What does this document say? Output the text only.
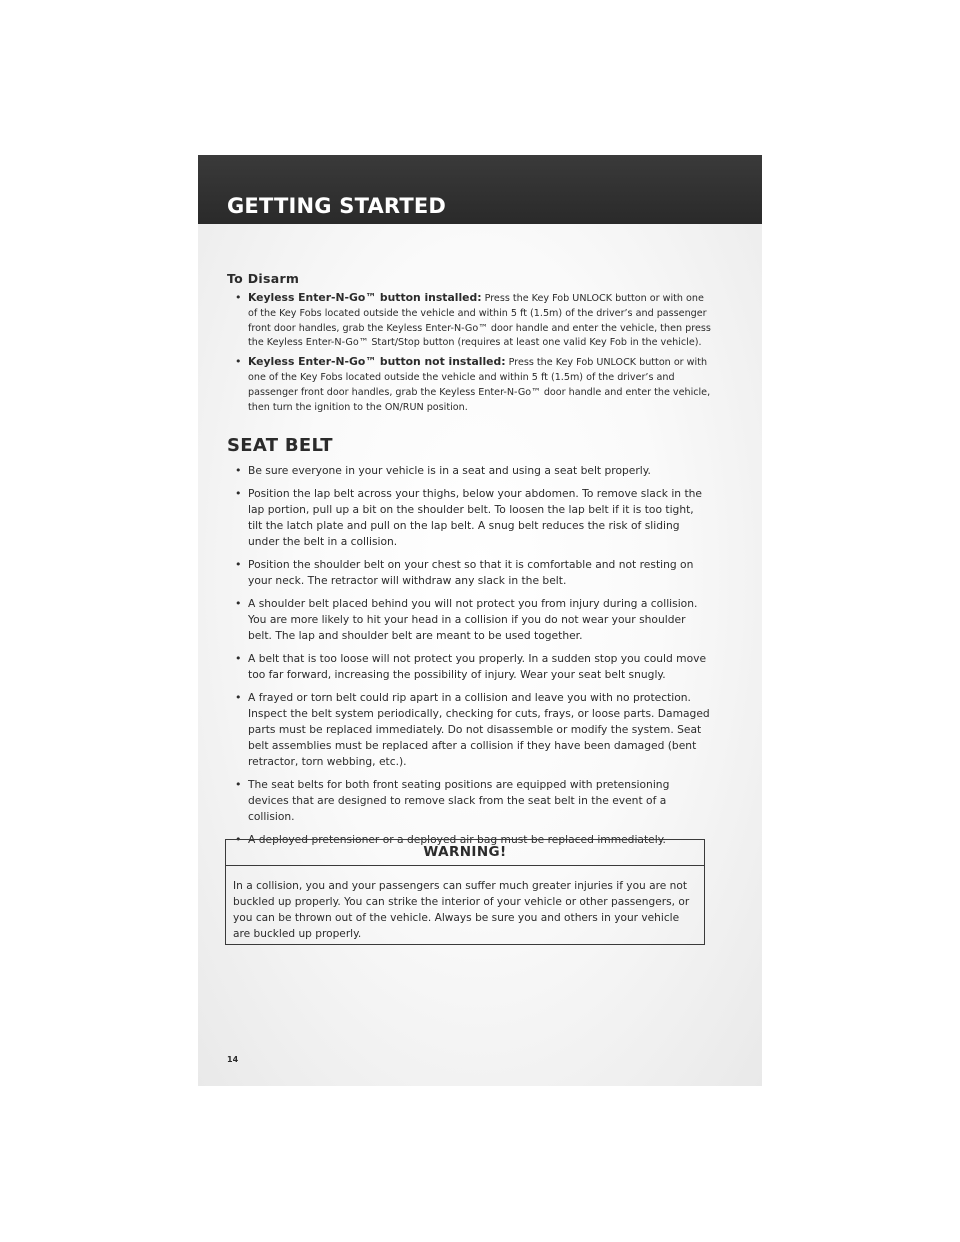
GETTING STARTED
To Disarm
• Keyless Enter-N-Go™ button installed: Press the Key Fob UNLOCK button or with one of the Key Fobs located outside the vehicle and within 5 ft (1.5m) of the driver’s and passenger front door handles, grab the Keyless Enter-N-Go™ door handle and enter the vehicle, then press the Keyless Enter-N-Go™ Start/Stop button (requires at least one valid Key Fob in the vehicle).
• Keyless Enter-N-Go™ button not installed: Press the Key Fob UNLOCK button or with one of the Key Fobs located outside the vehicle and within 5 ft (1.5m) of the driver’s and passenger front door handles, grab the Keyless Enter-N-Go™ door handle and enter the vehicle, then turn the ignition to the ON/RUN position.
SEAT BELT
• Be sure everyone in your vehicle is in a seat and using a seat belt properly.
• Position the lap belt across your thighs, below your abdomen. To remove slack in the lap portion, pull up a bit on the shoulder belt. To loosen the lap belt if it is too tight, tilt the latch plate and pull on the lap belt. A snug belt reduces the risk of sliding under the belt in a collision.
• Position the shoulder belt on your chest so that it is comfortable and not resting on your neck. The retractor will withdraw any slack in the belt.
• A shoulder belt placed behind you will not protect you from injury during a collision. You are more likely to hit your head in a collision if you do not wear your shoulder belt. The lap and shoulder belt are meant to be used together.
• A belt that is too loose will not protect you properly. In a sudden stop you could move too far forward, increasing the possibility of injury. Wear your seat belt snugly.
• A frayed or torn belt could rip apart in a collision and leave you with no protection. Inspect the belt system periodically, checking for cuts, frays, or loose parts. Damaged parts must be replaced immediately. Do not disassemble or modify the system. Seat belt assemblies must be replaced after a collision if they have been damaged (bent retractor, torn webbing, etc.).
• The seat belts for both front seating positions are equipped with pretensioning devices that are designed to remove slack from the seat belt in the event of a collision.
• A deployed pretensioner or a deployed air bag must be replaced immediately.
WARNING!
In a collision, you and your passengers can suffer much greater injuries if you are not buckled up properly. You can strike the interior of your vehicle or other passengers, or you can be thrown out of the vehicle. Always be sure you and others in your vehicle are buckled up properly.
14
